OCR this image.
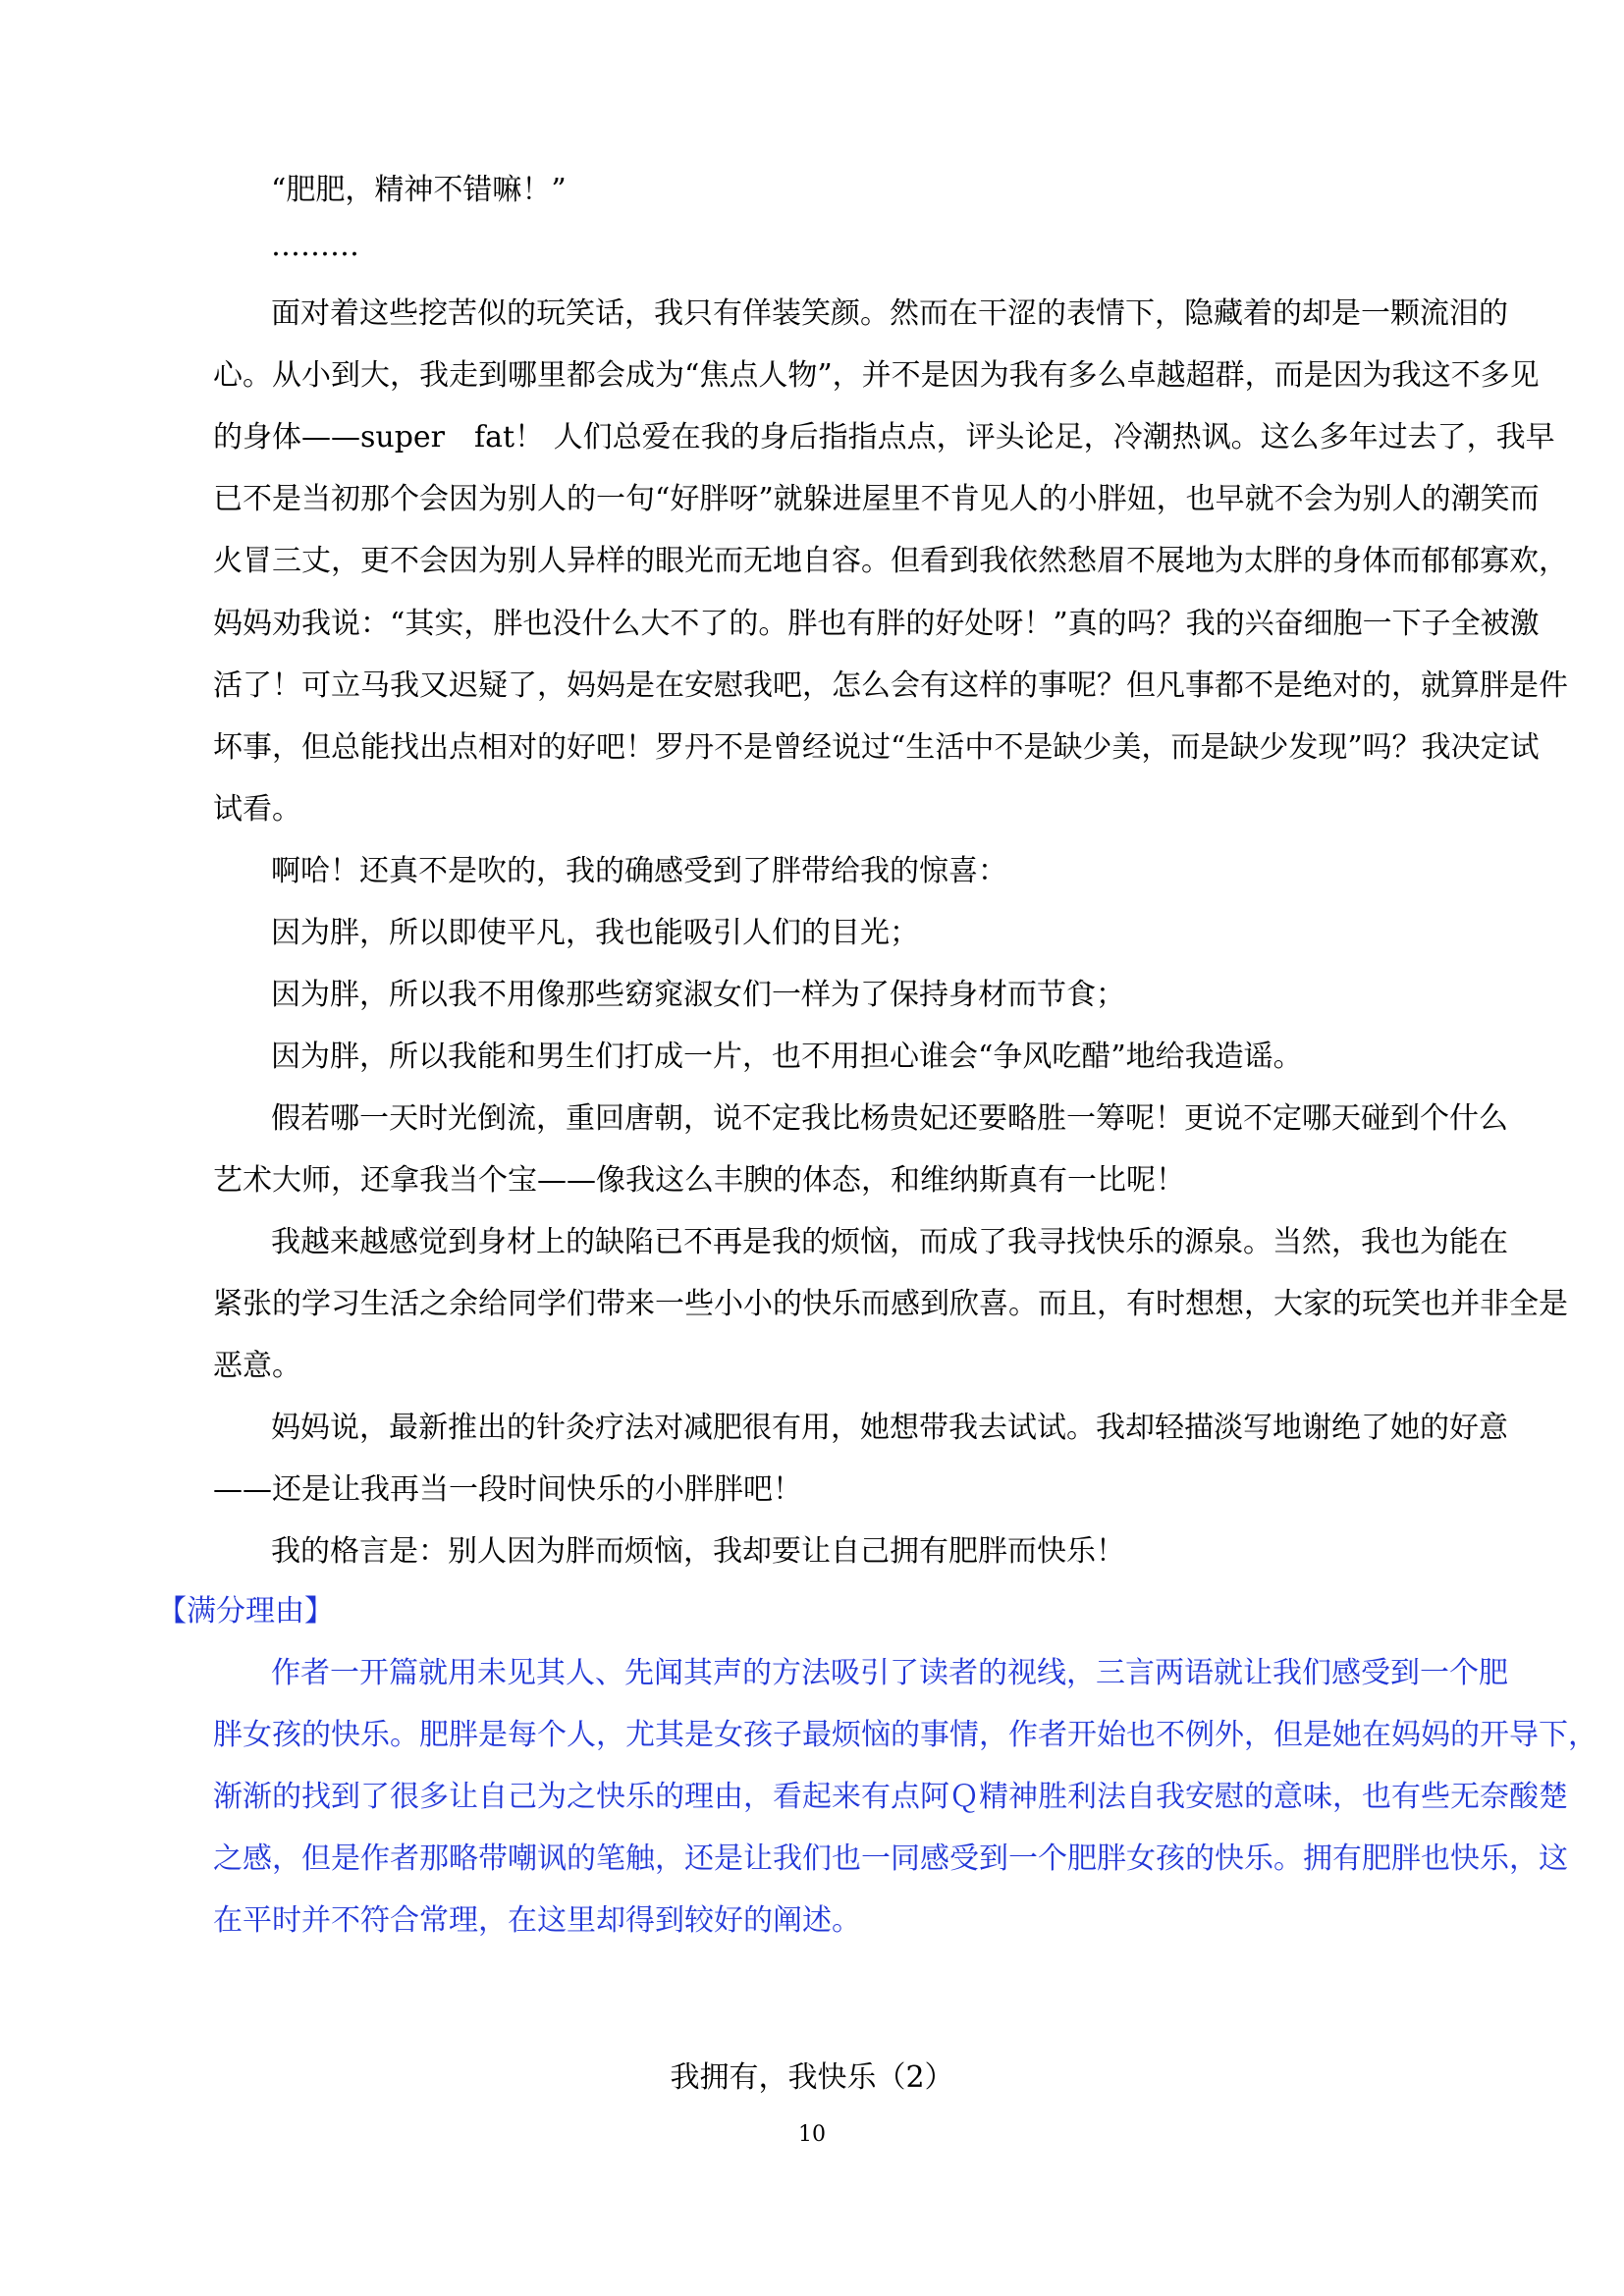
“肥肥，精神不错嘛！”

………

面对着这些挖苦似的玩笑话，我只有佯装笑颜。然而在干涩的表情下，隐藏着的却是一颗流泪的

心。从小到大，我走到哪里都会成为“焦点人物”，并不是因为我有多么卓越超群，而是因为我这不多见

的身体——super　fat！ 人们总爱在我的身后指指点点，评头论足，冷潮热讽。这么多年过去了，我早

已不是当初那个会因为别人的一句“好胖呀”就躲进屋里不肯见人的小胖妞，也早就不会为别人的潮笑而

火冒三丈，更不会因为别人异样的眼光而无地自容。但看到我依然愁眉不展地为太胖的身体而郁郁寡欢，

妈妈劝我说：“其实，胖也没什么大不了的。胖也有胖的好处呀！”真的吗？我的兴奋细胞一下子全被激

活了！可立马我又迟疑了，妈妈是在安慰我吧，怎么会有这样的事呢？但凡事都不是绝对的，就算胖是件

坏事，但总能找出点相对的好吧！罗丹不是曾经说过“生活中不是缺少美，而是缺少发现”吗？我决定试

试看。

啊哈！还真不是吹的，我的确感受到了胖带给我的惊喜：

因为胖，所以即使平凡，我也能吸引人们的目光；

因为胖，所以我不用像那些窈窕淑女们一样为了保持身材而节食；

因为胖，所以我能和男生们打成一片，也不用担心谁会“争风吃醋”地给我造谣。

假若哪一天时光倒流，重回唐朝，说不定我比杨贵妃还要略胜一筹呢！更说不定哪天碰到个什么

艺术大师，还拿我当个宝——像我这么丰腴的体态，和维纳斯真有一比呢！

我越来越感觉到身材上的缺陷已不再是我的烦恼，而成了我寻找快乐的源泉。当然，我也为能在

紧张的学习生活之余给同学们带来一些小小的快乐而感到欣喜。而且，有时想想，大家的玩笑也并非全是

恶意。

妈妈说，最新推出的针灸疗法对减肥很有用，她想带我去试试。我却轻描淡写地谢绝了她的好意

——还是让我再当一段时间快乐的小胖胖吧！

我的格言是：别人因为胖而烦恼，我却要让自己拥有肥胖而快乐！

【满分理由】

作者一开篇就用未见其人、先闻其声的方法吸引了读者的视线，三言两语就让我们感受到一个肥

胖女孩的快乐。肥胖是每个人，尤其是女孩子最烦恼的事情，作者开始也不例外，但是她在妈妈的开导下，

渐渐的找到了很多让自己为之快乐的理由，看起来有点阿Ｑ精神胜利法自我安慰的意味，也有些无奈酸楚

之感，但是作者那略带嘲讽的笔触，还是让我们也一同感受到一个肥胖女孩的快乐。拥有肥胖也快乐，这

在平时并不符合常理，在这里却得到较好的阐述。

我拥有，我快乐（2）
10
